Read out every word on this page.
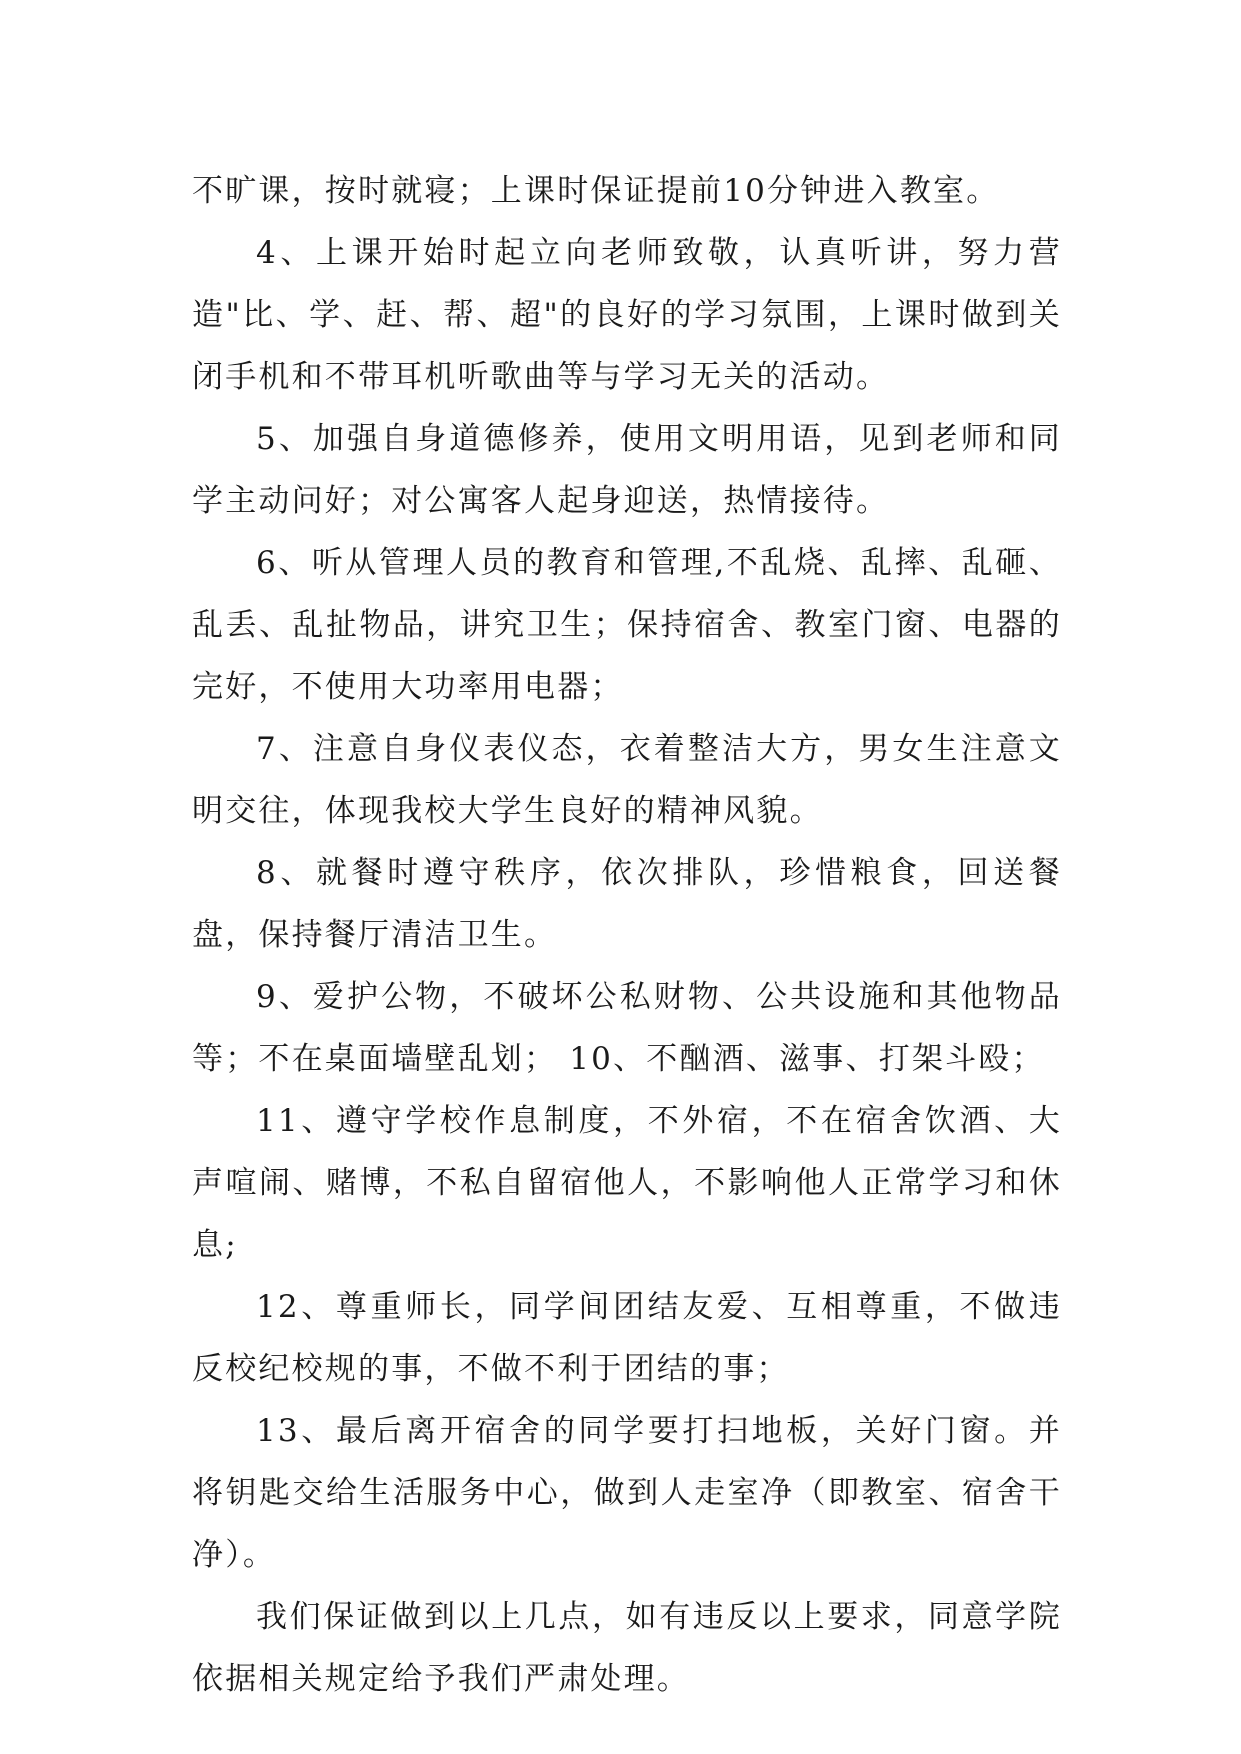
不旷课，按时就寝；上课时保证提前10分钟进入教室。

4、上课开始时起立向老师致敬，认真听讲，努力营造"比、学、赶、帮、超"的良好的学习氛围，上课时做到关闭手机和不带耳机听歌曲等与学习无关的活动。

5、加强自身道德修养，使用文明用语，见到老师和同学主动问好；对公寓客人起身迎送，热情接待。

6、听从管理人员的教育和管理,不乱烧、乱摔、乱砸、乱丢、乱扯物品，讲究卫生；保持宿舍、教室门窗、电器的完好，不使用大功率用电器；

7、注意自身仪表仪态，衣着整洁大方，男女生注意文明交往，体现我校大学生良好的精神风貌。

8、就餐时遵守秩序，依次排队，珍惜粮食，回送餐盘，保持餐厅清洁卫生。

9、爱护公物，不破坏公私财物、公共设施和其他物品等；不在桌面墙壁乱划； 10、不酗酒、滋事、打架斗殴；

11、遵守学校作息制度，不外宿，不在宿舍饮酒、大声喧闹、赌博，不私自留宿他人，不影响他人正常学习和休息;

12、尊重师长，同学间团结友爱、互相尊重，不做违反校纪校规的事，不做不利于团结的事；

13、最后离开宿舍的同学要打扫地板，关好门窗。并将钥匙交给生活服务中心，做到人走室净（即教室、宿舍干净）。

我们保证做到以上几点，如有违反以上要求，同意学院依据相关规定给予我们严肃处理。
